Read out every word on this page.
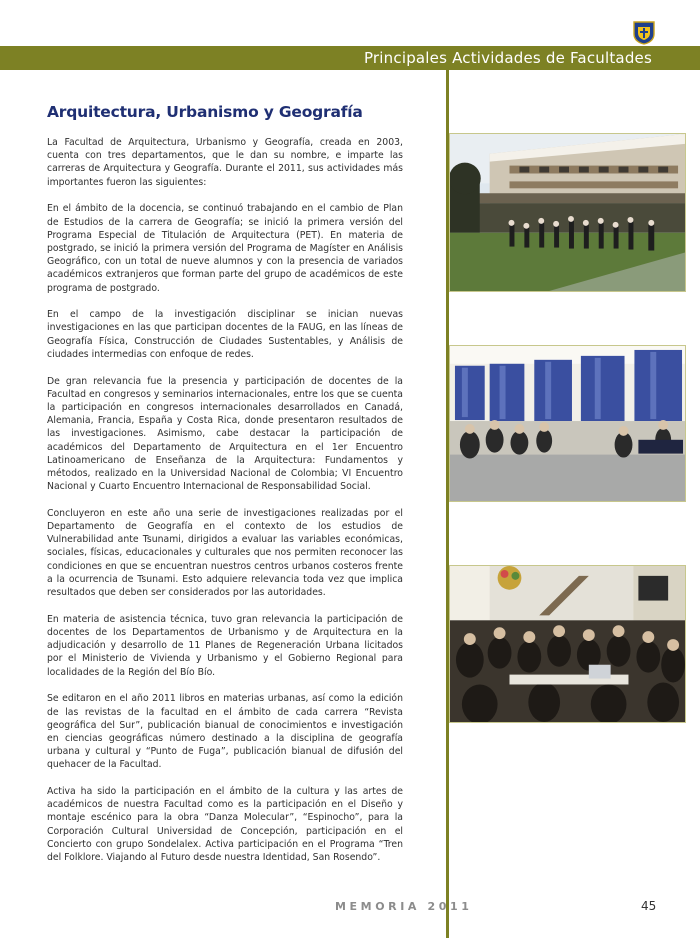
Principales Actividades de Facultades
Arquitectura, Urbanismo y Geografía

La Facultad de Arquitectura, Urbanismo y Geografía, creada en 2003, cuenta con tres departamentos, que le dan su nombre, e imparte las carreras de Arquitectura y Geografía. Durante el 2011, sus actividades más importantes fueron las siguientes:

En el ámbito de la docencia, se continuó trabajando en el cambio de Plan de Estudios de la carrera de Geografía; se inició la primera versión del Programa Especial de Titulación de Arquitectura (PET). En materia de postgrado, se inició la primera versión del Programa de Magíster en Análisis Geográfico, con un total de nueve alumnos y con la presencia de variados académicos extranjeros que forman parte del grupo de académicos de este programa de postgrado.

En el campo de la investigación disciplinar se inician nuevas investigaciones en las que participan docentes de la FAUG, en las líneas de Geografía Física, Construcción de Ciudades Sustentables, y Análisis de ciudades intermedias con enfoque de redes.

De gran relevancia fue la presencia y participación de docentes de la Facultad en congresos y seminarios internacionales, entre los que se cuenta la participación en congresos internacionales desarrollados en Canadá, Alemania, Francia, España y Costa Rica, donde presentaron resultados de las investigaciones. Asimismo, cabe destacar la participación de académicos del Departamento de Arquitectura en el 1er Encuentro Latinoamericano de Enseñanza de la Arquitectura: Fundamentos y métodos, realizado en la Universidad Nacional de Colombia; VI Encuentro Nacional y Cuarto Encuentro Internacional de Responsabilidad Social.

Concluyeron en este año una serie de investigaciones realizadas por el Departamento de Geografía en el contexto de los estudios de Vulnerabilidad ante Tsunami, dirigidos a evaluar las variables económicas, sociales, físicas, educacionales y culturales que nos permiten reconocer las condiciones en que se encuentran nuestros centros urbanos costeros frente a la ocurrencia de Tsunami. Esto adquiere relevancia toda vez que implica resultados que deben ser considerados por las autoridades.

En materia de asistencia técnica, tuvo gran relevancia la participación de docentes de los Departamentos de Urbanismo y de Arquitectura en la adjudicación y desarrollo de 11 Planes de Regeneración Urbana licitados por el Ministerio de Vivienda y Urbanismo y el Gobierno Regional para localidades de la Región del Bío Bío.

Se editaron en el año 2011 libros en materias urbanas, así como la edición de las revistas de la facultad en el ámbito de cada carrera “Revista geográfica del Sur”, publicación bianual de conocimientos e investigación en ciencias geográficas número destinado a la disciplina de geografía urbana y cultural y “Punto de Fuga”, publicación bianual de difusión del quehacer de la Facultad.

Activa ha sido la participación en el ámbito de la cultura y las artes de académicos de nuestra Facultad como es la participación en el Diseño y montaje escénico para la obra “Danza Molecular”, “Espinocho”, para la Corporación Cultural Universidad de Concepción, participación en el Concierto con grupo Sondelalex. Activa participación en el Programa “Tren del Folklore. Viajando al Futuro desde nuestra Identidad, San Rosendo”.

MEMORIA 2011	45
